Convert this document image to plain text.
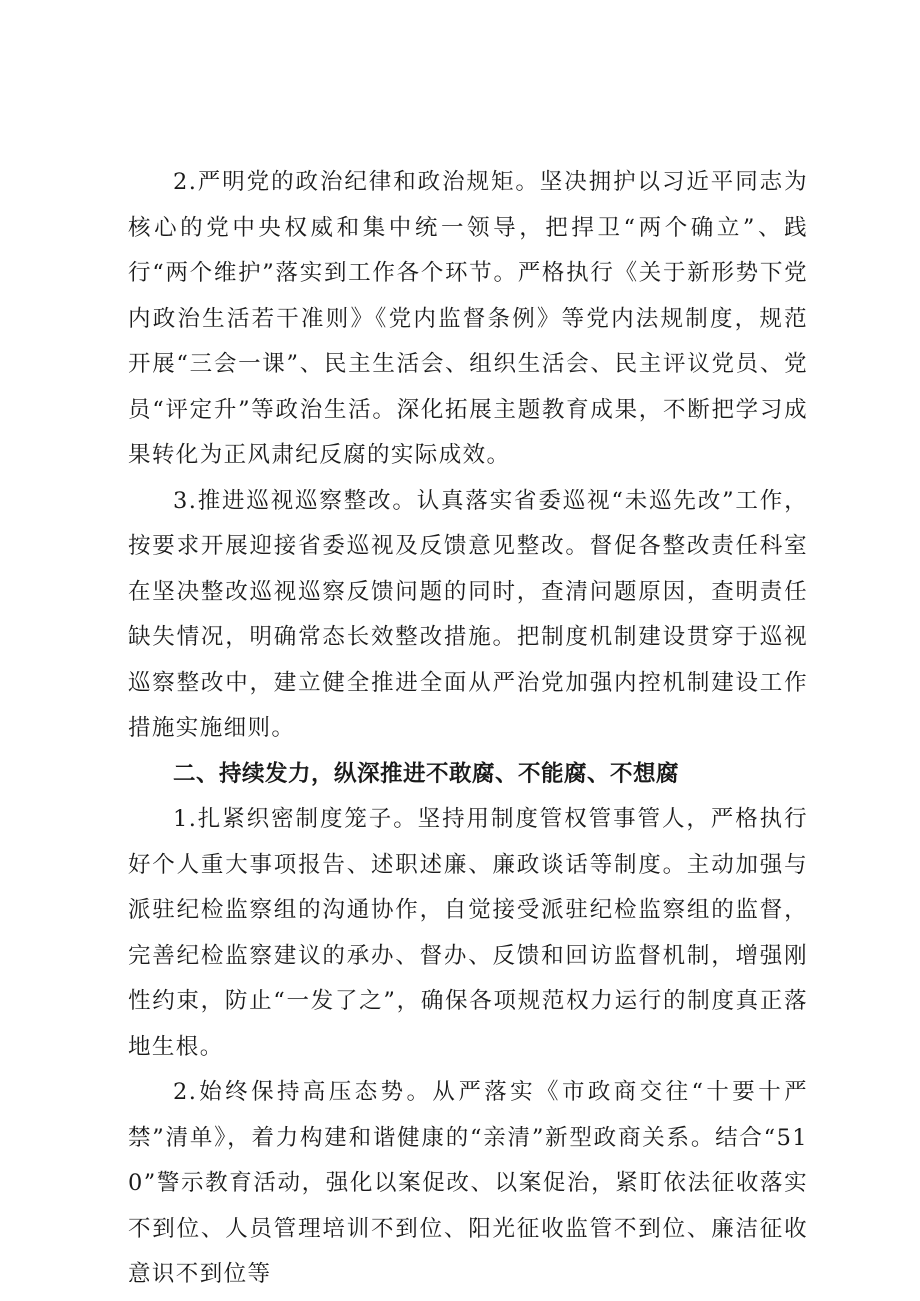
2.严明党的政治纪律和政治规矩。坚决拥护以习近平同志为核心的党中央权威和集中统一领导，把捍卫“两个确立”、践行“两个维护”落实到工作各个环节。严格执行《关于新形势下党内政治生活若干准则》《党内监督条例》等党内法规制度，规范开展“三会一课”、民主生活会、组织生活会、民主评议党员、党员“评定升”等政治生活。深化拓展主题教育成果，不断把学习成果转化为正风肃纪反腐的实际成效。

3.推进巡视巡察整改。认真落实省委巡视“未巡先改”工作，按要求开展迎接省委巡视及反馈意见整改。督促各整改责任科室在坚决整改巡视巡察反馈问题的同时，查清问题原因，查明责任缺失情况，明确常态长效整改措施。把制度机制建设贯穿于巡视巡察整改中，建立健全推进全面从严治党加强内控机制建设工作措施实施细则。

二、持续发力，纵深推进不敢腐、不能腐、不想腐

1.扎紧织密制度笼子。坚持用制度管权管事管人，严格执行好个人重大事项报告、述职述廉、廉政谈话等制度。主动加强与派驻纪检监察组的沟通协作，自觉接受派驻纪检监察组的监督，完善纪检监察建议的承办、督办、反馈和回访监督机制，增强刚性约束，防止“一发了之”，确保各项规范权力运行的制度真正落地生根。

2.始终保持高压态势。从严落实《市政商交往“十要十严禁”清单》，着力构建和谐健康的“亲清”新型政商关系。结合“510”警示教育活动，强化以案促改、以案促治，紧盯依法征收落实不到位、人员管理培训不到位、阳光征收监管不到位、廉洁征收意识不到位等
